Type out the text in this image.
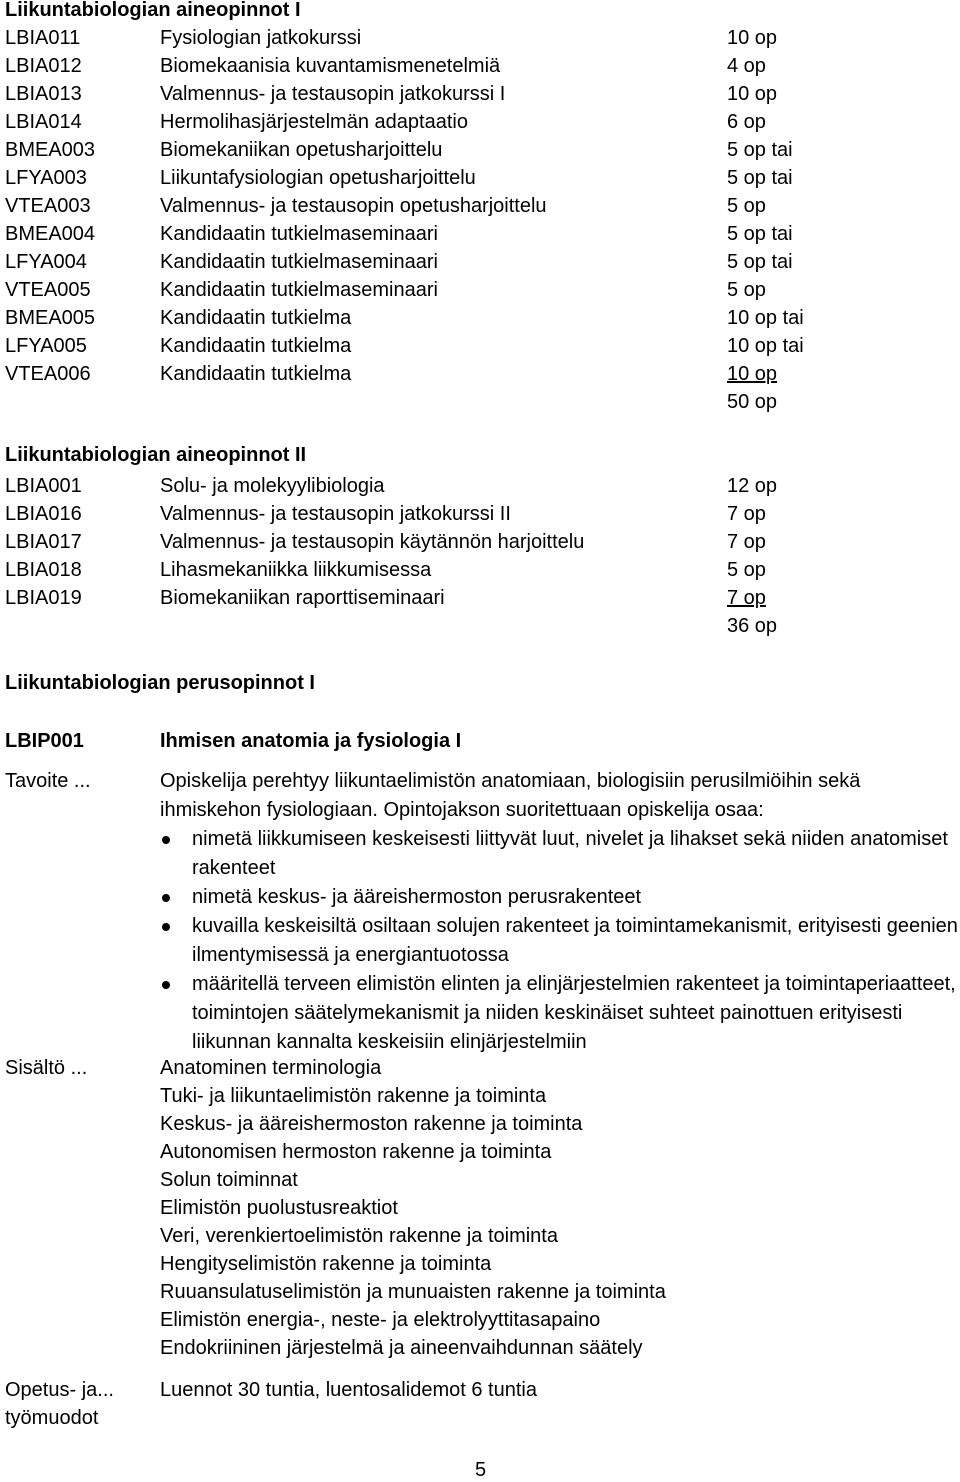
Liikuntabiologian aineopinnot I
LBIA011	Fysiologian jatkokurssi	10 op
LBIA012	Biomekaanisia kuvantamismenetelmiä	4 op
LBIA013	Valmennus- ja testausopin jatkokurssi I	10 op
LBIA014	Hermolihasjärjestelmän adaptaatio	6 op
BMEA003	Biomekaniikan opetusharjoittelu	5 op tai
LFYA003	Liikuntafysiologian opetusharjoittelu	5 op tai
VTEA003	Valmennus- ja testausopin opetusharjoittelu	5 op
BMEA004	Kandidaatin tutkielmaseminaari	5 op tai
LFYA004	Kandidaatin tutkielmaseminaari	5 op tai
VTEA005	Kandidaatin tutkielmaseminaari	5 op
BMEA005	Kandidaatin tutkielma	10 op tai
LFYA005	Kandidaatin tutkielma	10 op tai
VTEA006	Kandidaatin tutkielma	10 op
50 op
Liikuntabiologian aineopinnot II
LBIA001	Solu- ja molekyylibiologia	12 op
LBIA016	Valmennus- ja testausopin jatkokurssi II	7 op
LBIA017	Valmennus- ja testausopin käytännön harjoittelu	7 op
LBIA018	Lihasmekaniikka liikkumisessa	5 op
LBIA019	Biomekaniikan raporttiseminaari	7 op
36 op
Liikuntabiologian perusopinnot I
LBIP001	Ihmisen anatomia ja fysiologia I
Tavoite ...	Opiskelija perehtyy liikuntaelimistön anatomiaan, biologisiin perusilmiöihin sekä ihmiskehon fysiologiaan. Opintojakson suoritettuaan opiskelija osaa:
nimetä liikkumiseen keskeisesti liittyvät luut, nivelet ja lihakset sekä niiden anatomiset rakenteet
nimetä keskus- ja ääreishermoston perusrakenteet
kuvailla keskeisiltä osiltaan solujen rakenteet ja toimintamekanismit, erityisesti geenien ilmentymisessä ja energiantuotossa
määritellä terveen elimistön elinten ja elinjärjestelmien rakenteet ja toimintaperiaatteet, toimintojen säätelymekanismit ja niiden keskinäiset suhteet painottuen erityisesti liikunnan kannalta keskeisiin elinjärjestelmiin
Sisältö ...	Anatominen terminologia
Tuki- ja liikuntaelimistön rakenne ja toiminta
Keskus- ja ääreishermoston rakenne ja toiminta
Autonomisen hermoston rakenne ja toiminta
Solun toiminnat
Elimistön puolustusreaktiot
Veri, verenkiertoelimistön rakenne ja toiminta
Hengityselimistön rakenne ja toiminta
Ruuansulatuselimistön ja munuaisten rakenne ja toiminta
Elimistön energia-, neste- ja elektrolyyttitasapaino
Endokriininen järjestelmä ja aineenvaihdunnan säätely
Opetus- ja...
työmuodot
Luennot 30 tuntia, luentosalidemot 6 tuntia
5
